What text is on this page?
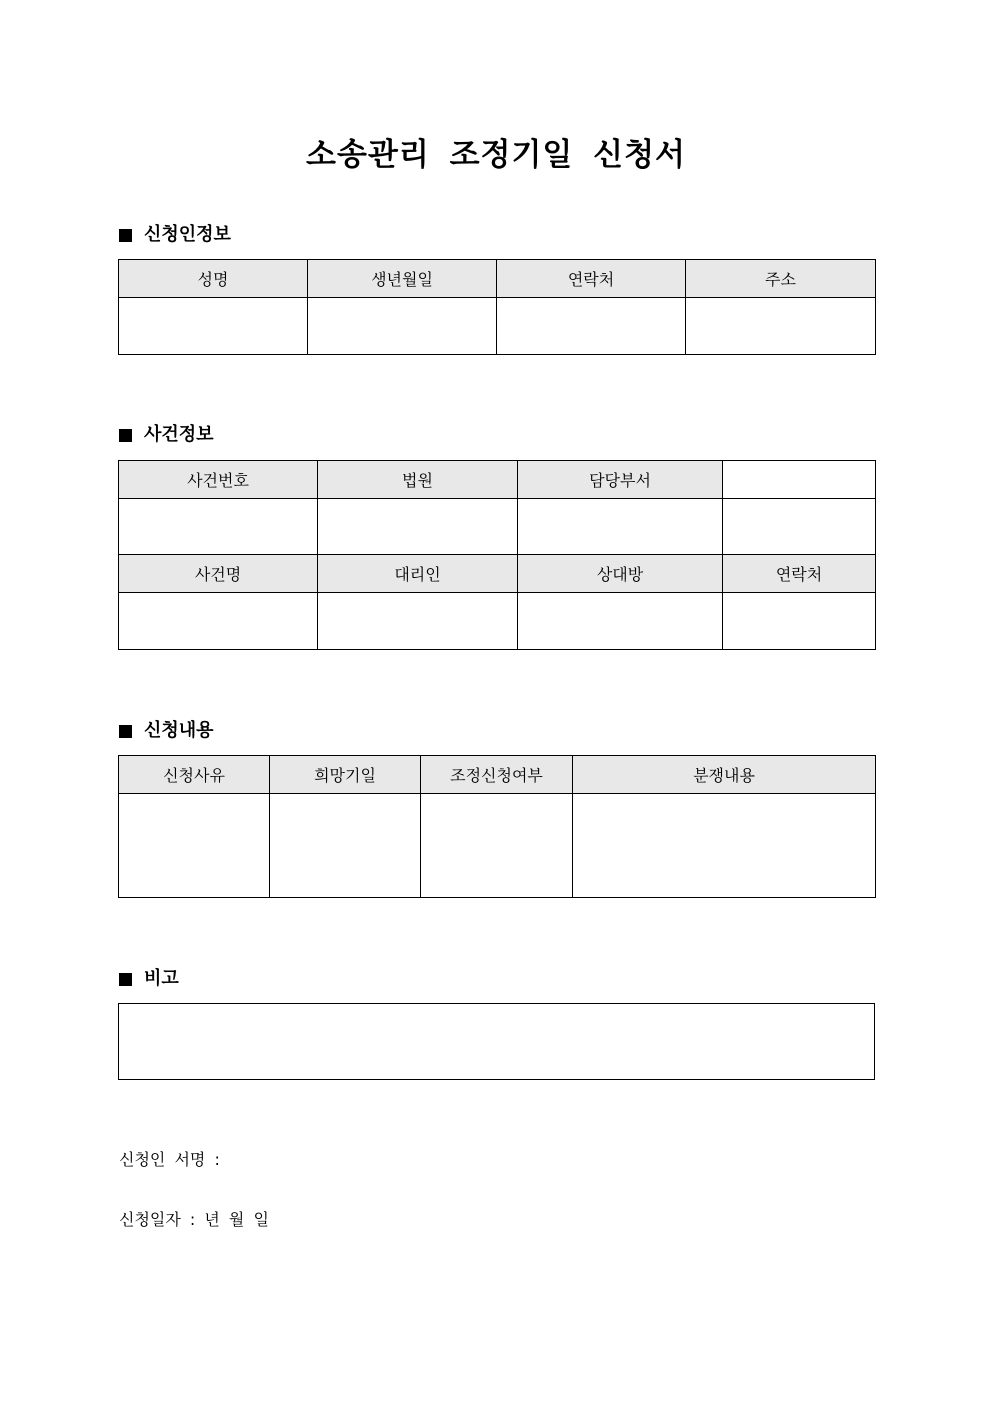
소송관리 조정기일 신청서
신청인정보
성명	생년월일	연락처	주소

사건정보
사건번호	법원	담당부서	

사건명	대리인	상대방	연락처

신청내용
신청사유	희망기일	조정신청여부	분쟁내용

비고
신청인 서명 :
신청일자 : 년 월 일
